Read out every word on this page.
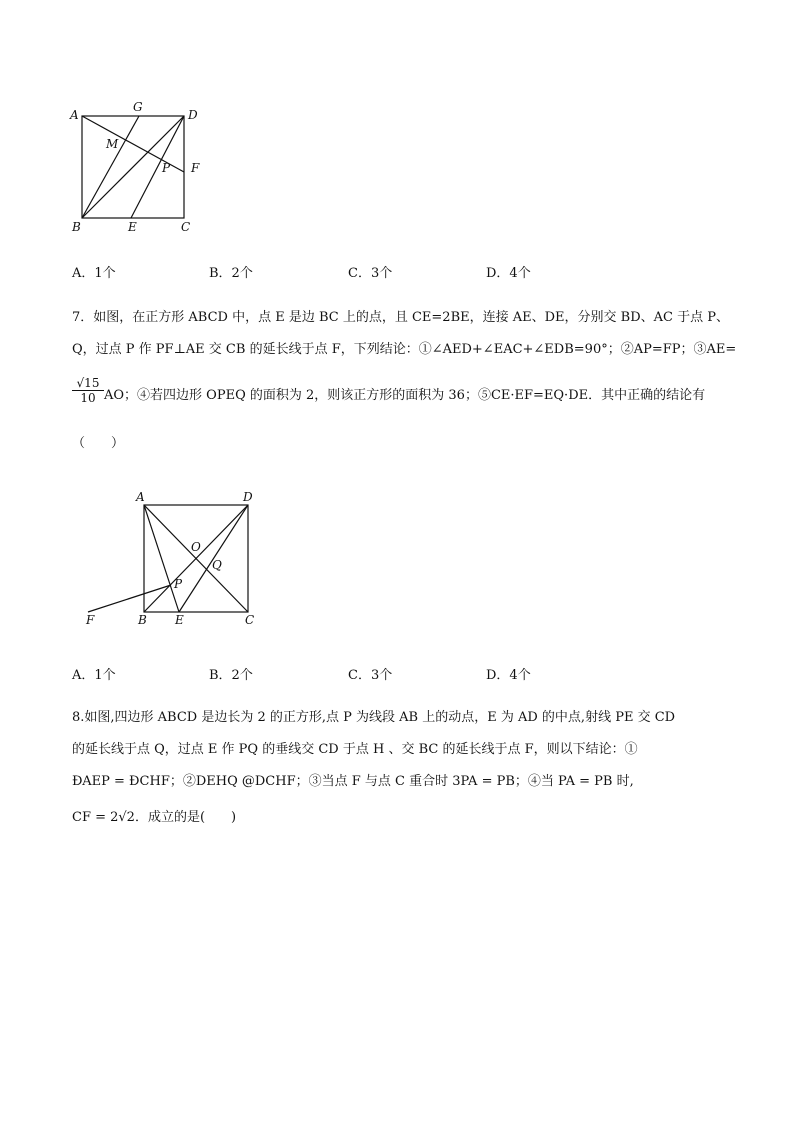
A
G
D
M
P F
B	E	C
A．1个	B．2个	C．3个	D．4个
7．如图，在正方形 ABCD 中，点 E 是边 BC 上的点，且 CE=2BE，连接 AE、DE，分别交 BD、AC 于点 P、
Q，过点 P 作 PF⊥AE 交 CB 的延长线于点 F，下列结论：①∠AED+∠EAC+∠EDB=90°；②AP=FP；③AE=
$\frac{√15}{10}$ AO；④若四边形 OPEQ 的面积为 2，则该正方形的面积为 36；⑤CE·EF=EQ·DE．其中正确的结论有
（　　）
A	D
O
Q
P
F	B E	C
A．1个	B．2个	C．3个	D．4个
8.如图,四边形 ABCD 是边长为 2 的正方形,点 P 为线段 AB 上的动点，E 为 AD 的中点,射线 PE 交 CD
的延长线于点 Q，过点 E 作 PQ 的垂线交 CD 于点 H 、交 BC 的延长线于点 F，则以下结论：①
ÐAEP = ÐCHF；②DEHQ @DCHF；③当点 F 与点 C 重合时 3PA = PB；④当 PA = PB 时,
CF = 2√2．成立的是(　　)
